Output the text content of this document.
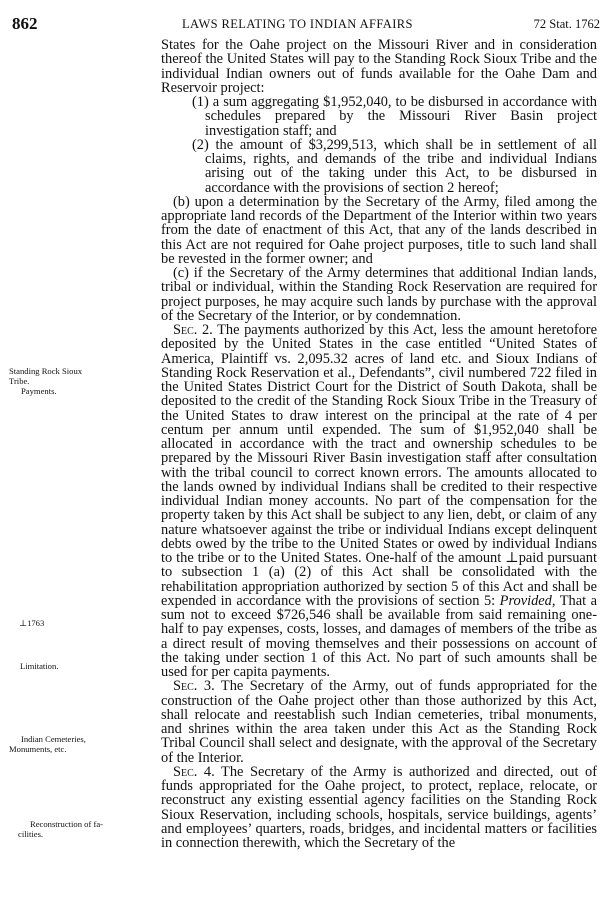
862	LAWS RELATING TO INDIAN AFFAIRS	72 Stat. 1762
Standing Rock Sioux
Tribe.
Payments.
⊥1763
Limitation.
Indian Cemeteries,
Monuments, etc.
Reconstruction of fa-
cilities.

States for the Oahe project on the Missouri River and in consideration thereof the United States will pay to the Standing Rock Sioux Tribe and the individual Indian owners out of funds available for the Oahe Dam and Reservoir project:

(1) a sum aggregating $1,952,040, to be disbursed in accordance with schedules prepared by the Missouri River Basin project investigation staff; and

(2) the amount of $3,299,513, which shall be in settlement of all claims, rights, and demands of the tribe and individual Indians arising out of the taking under this Act, to be disbursed in accordance with the provisions of section 2 hereof;

(b) upon a determination by the Secretary of the Army, filed among the appropriate land records of the Department of the Interior within two years from the date of enactment of this Act, that any of the lands described in this Act are not required for Oahe project purposes, title to such land shall be revested in the former owner; and

(c) if the Secretary of the Army determines that additional Indian lands, tribal or individual, within the Standing Rock Reservation are required for project purposes, he may acquire such lands by purchase with the approval of the Secretary of the Interior, or by condemnation.

Sec. 2. The payments authorized by this Act, less the amount heretofore deposited by the United States in the case entitled “United States of America, Plaintiff vs. 2,095.32 acres of land etc. and Sioux Indians of Standing Rock Reservation et al., Defendants”, civil numbered 722 filed in the United States District Court for the District of South Dakota, shall be deposited to the credit of the Standing Rock Sioux Tribe in the Treasury of the United States to draw interest on the principal at the rate of 4 per centum per annum until expended. The sum of $1,952,040 shall be allocated in accordance with the tract and ownership schedules to be prepared by the Missouri River Basin investigation staff after consultation with the tribal council to correct known errors. The amounts allocated to the lands owned by individual Indians shall be credited to their respective individual Indian money accounts. No part of the compensation for the property taken by this Act shall be subject to any lien, debt, or claim of any nature whatsoever against the tribe or individual Indians except delinquent debts owed by the tribe to the United States or owed by individual Indians to the tribe or to the United States. One-half of the amount ⊥paid pursuant to subsection 1 (a) (2) of this Act shall be consolidated with the rehabilitation appropriation authorized by section 5 of this Act and shall be expended in accordance with the provisions of section 5: Provided, That a sum not to exceed $726,546 shall be available from said remaining one-half to pay expenses, costs, losses, and damages of members of the tribe as a direct result of moving themselves and their possessions on account of the taking under section 1 of this Act. No part of such amounts shall be used for per capita payments.

Sec. 3. The Secretary of the Army, out of funds appropriated for the construction of the Oahe project other than those authorized by this Act, shall relocate and reestablish such Indian cemeteries, tribal monuments, and shrines within the area taken under this Act as the Standing Rock Tribal Council shall select and designate, with the approval of the Secretary of the Interior.

Sec. 4. The Secretary of the Army is authorized and directed, out of funds appropriated for the Oahe project, to protect, replace, relocate, or reconstruct any existing essential agency facilities on the Standing Rock Sioux Reservation, including schools, hospitals, service buildings, agents’ and employees’ quarters, roads, bridges, and incidental matters or facilities in connection therewith, which the Secretary of the
